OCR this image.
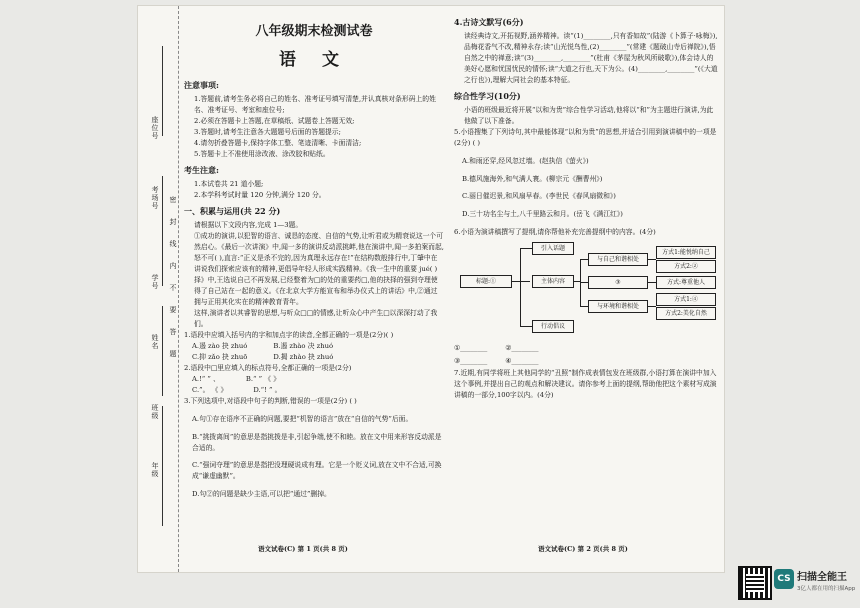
座位号
考场号
学号
姓名
班级
年级
密
封
线
内
不
要
答
题
八年级期末检测试卷
语 文
注意事项:

1.答题前,请考生务必将自己的姓名、准考证号填写清楚,并认真核对条形码上的姓名、准考证号、考室和座位号;

2.必须在答题卡上答题,在草稿纸、试题卷上答题无效;

3.答题时,请考生注意各大题题号后面的答题提示;

4.请勿折叠答题卡,保持字体工整、笔迹清晰、卡面清洁;

5.答题卡上不准使用涂改液、涂改胶和贴纸。

考生注意:

1.本试卷共 21 道小题;

2.本学科考试时量 120 分钟,满分 120 分。

一、积累与运用(共 22 分)

请根据以下文段内容,完成 1—3题。

①成功的演讲,以犯智的语言、诚恳的态度、自信的气势,让听君或为精衰说这一个可然启心。《最后一次讲演》中,闻一多的演讲反动派挑衅,他在演讲中,闻一多拍案而起,怒不可( ),直言:“正义是杀不完的,因为真理永远存在!”在结构数般排行中,丁肇中在讲说我们探索应该有的精神,更倡导年轻人形成实践精神。《我一生中的重要 jué( )择》中,王选说自己不再发展,已经整着为□的处的重要药□,他的抉择的强到夺理使得了自己站在一起的意义。《在北京大学方能宣布和举办仪式上的讲话》中,②通过拥与正用其化实在的精神教育青年。

这样,演讲者以其睿智的思想,与听众□□的情感,让听众心中产生□以深深打动了我们。

1.语段中应填入括号内的字和加点字的读音,全都正确的一项是(2分)( )

A.遏 zào 抉 zhuó	B.遏 zhào 决 zhuó
C.抑 zǎo 抉 zhuō	D.揭 zhào 抉 zhuó

2.语段中□里应填入的标点符号,全都正确的一项是(2分)

A.!“ ” 、	B.“ ” 《 》
C.”。 《 》	D.“! ” 。

3.下列选项中,对语段中句子的判断,错误的一项是(2分) ( )

A.句①存在语序不正确的问题,要把“机智的语言”放在“自信的气势”后面。

B.“挑拨离间”的意思是指挑拨是非,引起争端,使不和睦。放在文中用来形容反动派是合适的。

C.“强词夺理”的意思是指把没理硬说成有理。它是一个贬义词,放在文中不合适,可换成“谦虚幽默”。

D.句②的问题是缺少主语,可以把“通过”删掉。

语文试卷(C) 第 1 页(共 8 页)
4.古诗文默写(6分)

读经典诗文,开拓视野,涵养精神。读“(1)________,只有香如故”(陆游《卜算子·咏梅》),品梅花香气不改,精神永存;读“山光悦鸟性,(2)________”(常建《题破山寺后禅院》),悟自然之中的禅意;读“(3)________,________”(杜甫《茅屋为秋风所破歌》),体会诗人的美好心愿和忧国忧民的情怀;读“大道之行也,天下为公。(4)________,________”(《大道之行也》),理解大同社会的基本特征。

综合性学习(10分)

小语的班级最近将开展“以和为贵”综合性学习活动,他将以“和”为主题进行演讲,为此他做了以下准备。

5.小语搜集了下列诗句,其中最能体现“以和为贵”的思想,并适合引用到演讲稿中的一项是(2分) ( )

A.和雨还穿,经风忽过墙。(赵执信《萤火》)

B.德风施海外,和气满人寰。(柳宗元《酬曹州》)

C.丽日催迟景,和风扇早春。(李世民《春风扇微和》)

D.三十功名尘与土,八千里路云和月。(岳飞《满江红》)

6.小语为演讲稿撰写了提纲,请你帮他补充完善提纲中的内容。(4分)

标题:①
引入话题
主体内容
行动倡议
与自己和谐相处
③
与环境和谐相处
方式1:能悦纳自己
方式2:②
方式:尊重他人
方式1:④
方式2:美化自然
①________	②________
③________	④________

7.近期,有同学将班上其他同学的“丑照”制作成表情包发在班级群,小语打算在演讲中加入这个事例,并提出自己的观点和解决建议。请你参考上面的提纲,帮助他把这个素材写成演讲稿的一部分,100字以内。(4分)

语文试卷(C) 第 2 页(共 8 页)
CS 扫描全能王
3亿人都在用的扫描App
